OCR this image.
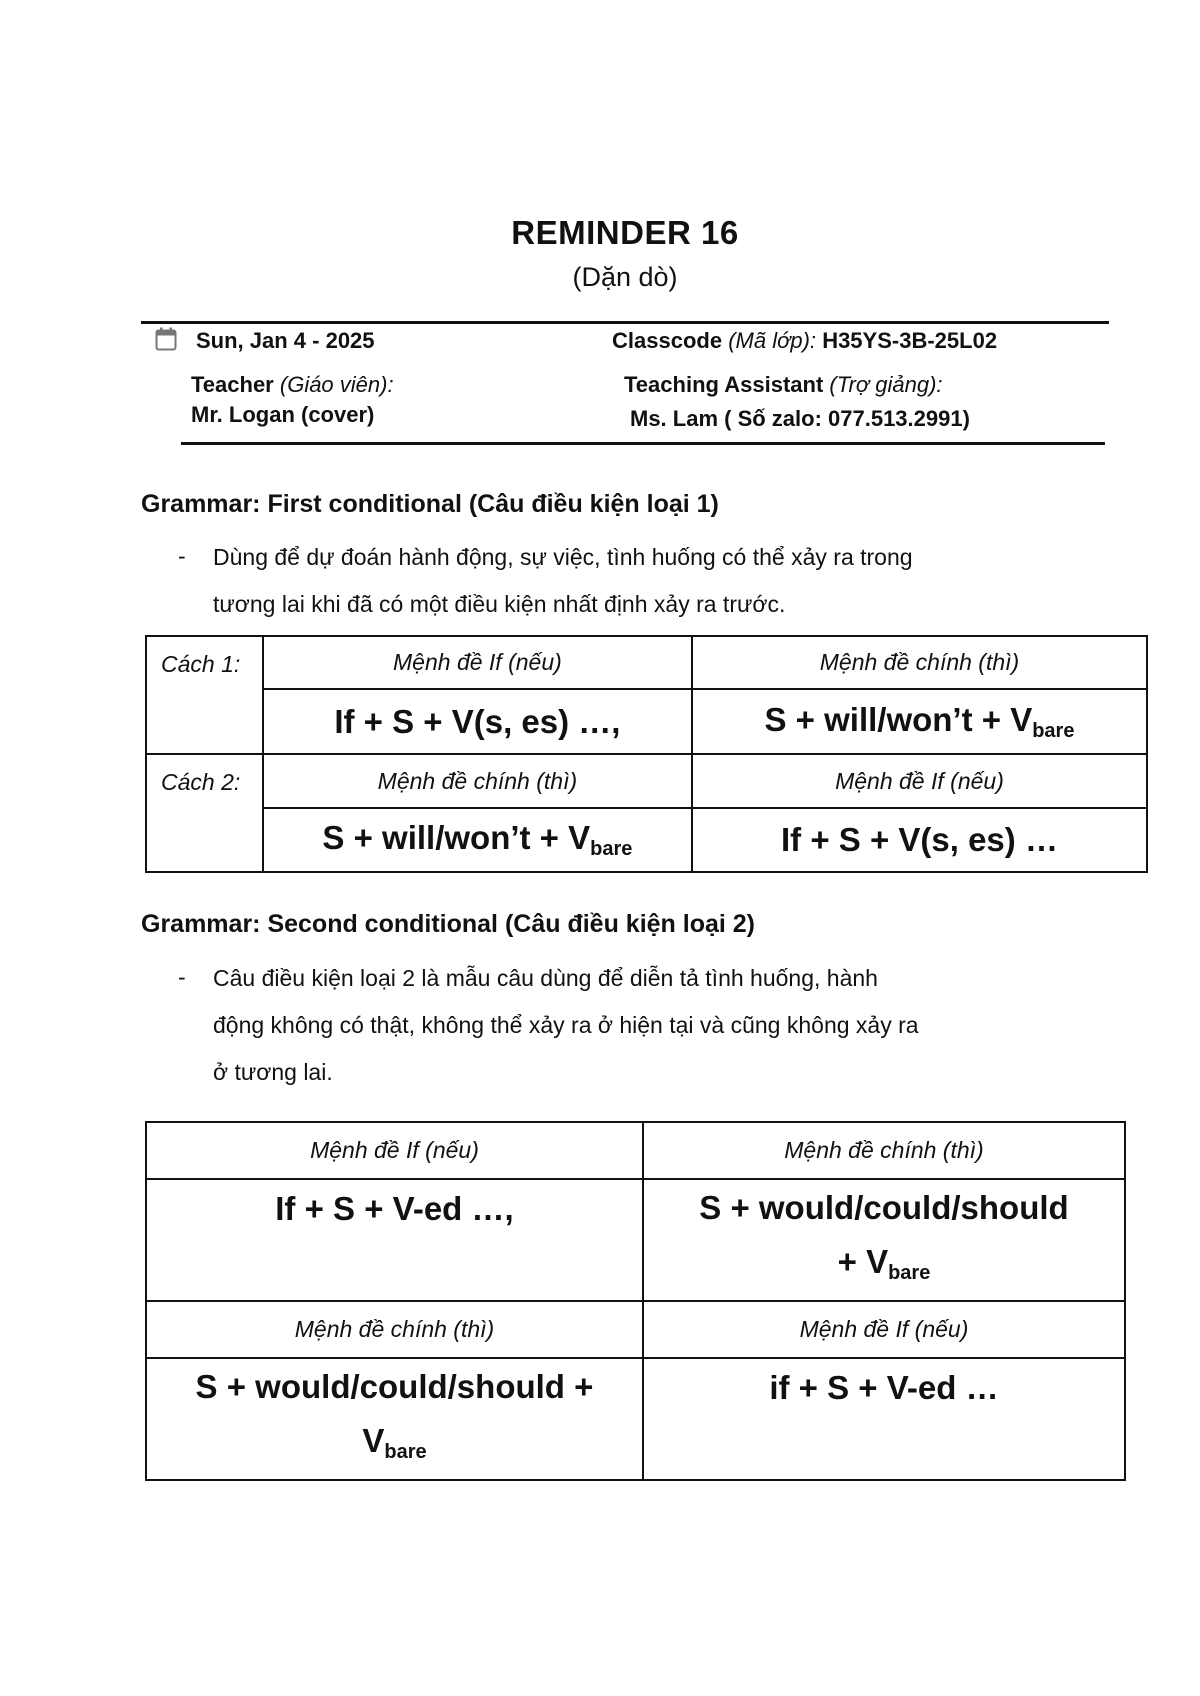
REMINDER 16
(Dặn dò)
Sun, Jan 4 - 2025	Classcode (Mã lớp): H35YS-3B-25L02
Teacher (Giáo viên):
Mr. Logan (cover)
Teaching Assistant (Trợ giảng):
Ms. Lam ( Số zalo: 077.513.2991)
Grammar: First conditional (Câu điều kiện loại 1)
- Dùng để dự đoán hành động, sự việc, tình huống có thể xảy ra trong
tương lai khi đã có một điều kiện nhất định xảy ra trước.
Cách 1:	Mệnh đề If (nếu)	Mệnh đề chính (thì)
	If + S + V(s, es) …,	S + will/won’t + $V_{bare}$
Cách 2:	Mệnh đề chính (thì)	Mệnh đề If (nếu)
	S + will/won’t + $V_{bare}$	If + S + V(s, es) …
Grammar: Second conditional (Câu điều kiện loại 2)
- Câu điều kiện loại 2 là mẫu câu dùng để diễn tả tình huống, hành
động không có thật, không thể xảy ra ở hiện tại và cũng không xảy ra
ở tương lai.
Mệnh đề If (nếu)	Mệnh đề chính (thì)
If + S + V-ed …,	S + would/could/should
+ $V_{bare}$

Mệnh đề chính (thì)	Mệnh đề If (nếu)

S + would/could/should +
$V_{bare}$	if + S + V-ed …
